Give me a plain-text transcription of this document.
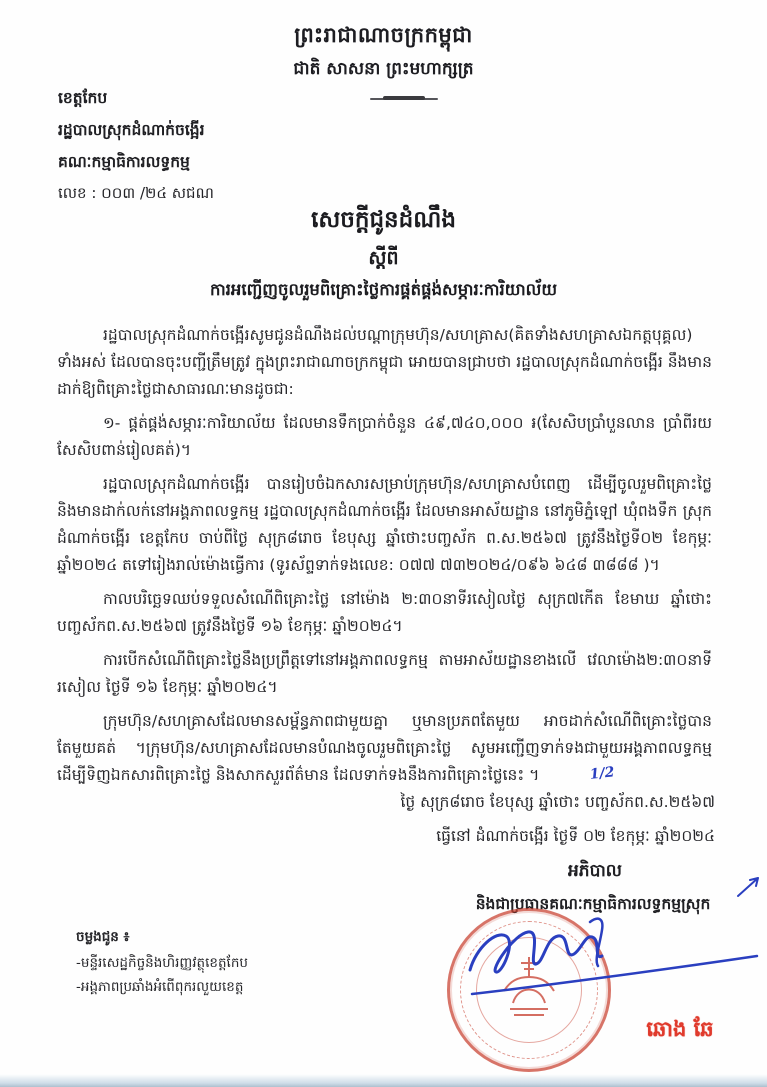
ព្រះរាជាណាចក្រកម្ពុជា
ជាតិ សាសនា ព្រះមហាក្សត្រ
ខេត្តកែប
រដ្ឋបាលស្រុកដំណាក់ចង្អើរ
គណៈកម្មាធិការលទ្ធកម្ម
លេខ : ០០៣ /២៤ សជណ
សេចក្តីជូនដំណឹង
ស្តីពី
ការអញ្ជើញចូលរួមពិគ្រោះថ្លៃការផ្គត់ផ្គង់សម្ភារៈការិយាល័យ

រដ្ឋបាលស្រុកដំណាក់ចង្អើរសូមជូនដំណឹងដល់បណ្តាក្រុមហ៊ុន/សហគ្រាស(គិតទាំងសហគ្រាសឯកត្តបុគ្គល) ទាំងអស់ ដែលបានចុះបញ្ជីត្រឹមត្រូវ ក្នុងព្រះរាជាណាចក្រកម្ពុជា អោយបានជ្រាបថា រដ្ឋបាលស្រុកដំណាក់ចង្អើរ នឹងមានដាក់ឱ្យពិគ្រោះថ្លៃជាសាធារណៈមានដូចជា:

១- ផ្គត់ផ្គង់សម្ភារៈការិយាល័យ ដែលមានទឹកប្រាក់ចំនួន ៤៩,៧៤០,០០០ ៛(សែសិបប្រាំបួនលាន ប្រាំពីរយ សែសិបពាន់រៀលគត់)។

រដ្ឋបាលស្រុកដំណាក់ចង្អើរ បានរៀបចំឯកសារសម្រាប់ក្រុមហ៊ុន/សហគ្រាសបំពេញ ដើម្បីចូលរួមពិគ្រោះថ្លៃ និងមានដាក់លក់នៅអង្គភាពលទ្ធកម្ម រដ្ឋបាលស្រុកដំណាក់ចង្អើរ ដែលមានអាស័យដ្ឋាន នៅភូមិភ្នំឡៅ ឃុំពងទឹក ស្រុកដំណាក់ចង្អើរ ខេត្តកែប ចាប់ពីថ្ងៃ សុក្រ៨រោច ខែបុស្ស ឆ្នាំថោះបញ្ចស័ក ព.ស.២៥៦៧ ត្រូវនឹងថ្ងៃទី០២ ខែកុម្ភៈ ឆ្នាំ២០២៤ តទៅរៀងរាល់ម៉ោងធ្វើការ (ទូរស័ព្ទទាក់ទងលេខ: ០៧៧ ៧៣២០២៤/០៩៦ ៦៤៨ ៣៨៨៨ )។

កាលបរិច្ឆេទឈប់ទទួលសំណើពិគ្រោះថ្លៃ នៅម៉ោង ២:៣០នាទីរសៀលថ្ងៃ សុក្រ៧កើត ខែមាឃ ឆ្នាំថោះ បញ្ចស័កព.ស.២៥៦៧ ត្រូវនឹងថ្ងៃទី ១៦ ខែកុម្ភៈ ឆ្នាំ២០២៤។

ការបើកសំណើពិគ្រោះថ្លៃនឹងប្រព្រឹត្តទៅនៅអង្គភាពលទ្ធកម្ម តាមអាស័យដ្ឋានខាងលើ វេលាម៉ោង២:៣០នាទី រសៀល ថ្ងៃទី ១៦ ខែកុម្ភៈ ឆ្នាំ២០២៤។

ក្រុមហ៊ុន/សហគ្រាសដែលមានសម្ព័ន្ធភាពជាមួយគ្នា ឬមានប្រភពតែមួយ អាចដាក់សំណើពិគ្រោះថ្លៃបានតែមួយគត់ ។ក្រុមហ៊ុន/សហគ្រាសដែលមានបំណងចូលរួមពិគ្រោះថ្លៃ សូមអញ្ជើញទាក់ទងជាមួយអង្គភាពលទ្ធកម្ម ដើម្បីទិញឯកសារពិគ្រោះថ្លៃ និងសាកសួរព័ត៌មាន ដែលទាក់ទងនឹងការពិគ្រោះថ្លៃនេះ ។	1/2

ថ្ងៃ សុក្រ៨រោច ខែបុស្ស ឆ្នាំថោះ បញ្ចស័កព.ស.២៥៦៧
ធ្វើនៅ ដំណាក់ចង្អើរ ថ្ងៃទី ០២ ខែកុម្ភៈ ឆ្នាំ២០២៤
អភិបាល
និងជាប្រធានគណៈកម្មាធិការលទ្ធកម្មស្រុក
ឆោង ឆែ
ចម្លងជូន ៖
-មន្ទីរសេដ្ឋកិច្ចនិងហិរញ្ញវត្ថុខេត្តកែប
-អង្គភាពប្រឆាំងអំពើពុករលួយខេត្ត
